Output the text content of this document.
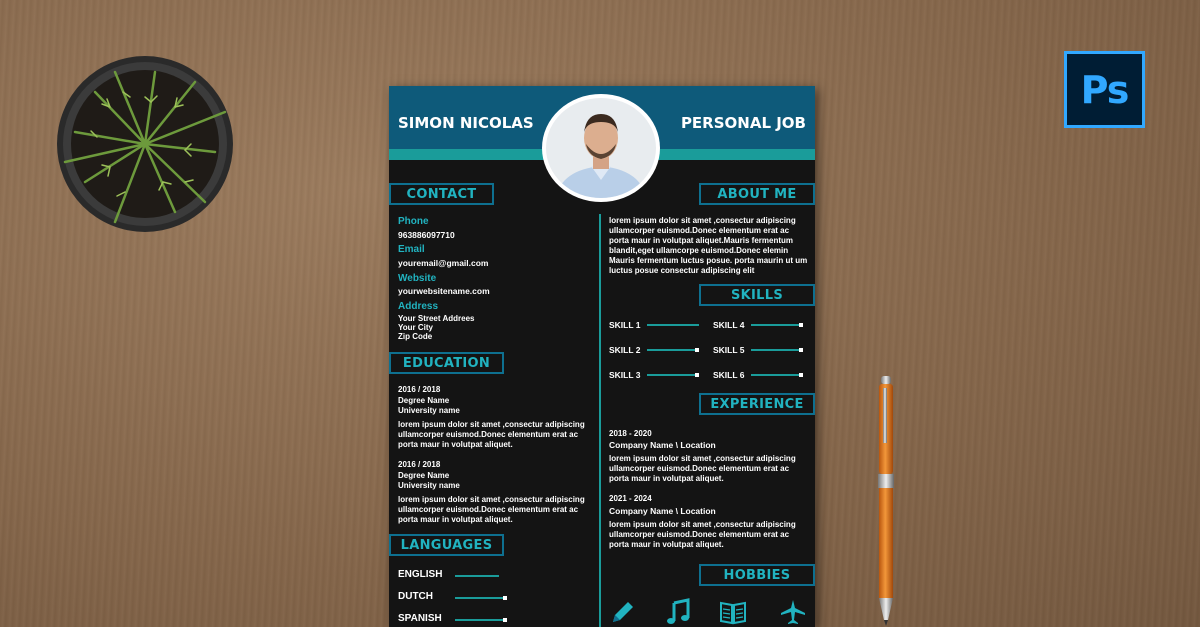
Ps
SIMON NICOLAS	PERSONAL JOB
CONTACT
Phone
963886097710
Email
youremail@gmail.com
Website
yourwebsitename.com
Address
Your Street Addrees
Your City
Zip Code
EDUCATION
2016 / 2018
Degree Name
University name
lorem ipsum dolor sit amet ,consectur adipiscing ullamcorper euismod.Donec elementum erat ac porta maur in volutpat aliquet.
2016 / 2018
Degree Name
University name
lorem ipsum dolor sit amet ,consectur adipiscing ullamcorper euismod.Donec elementum erat ac porta maur in volutpat aliquet.
LANGUAGES
ENGLISH
DUTCH
SPANISH
ABOUT ME
lorem ipsum dolor sit amet ,consectur adipiscing ullamcorper euismod.Donec elementum erat ac porta maur in volutpat aliquet.Mauris fermentum blandit,eget ullamcorpe euismod.Donec elemin Mauris fermentum luctus posue. porta maurin ut um luctus posue consectur adipiscing elit
SKILLS
SKILL 1	SKILL 4
SKILL 2	SKILL 5
SKILL 3	SKILL 6
EXPERIENCE
2018 - 2020
Company Name \ Location
lorem ipsum dolor sit amet ,consectur adipiscing ullamcorper euismod.Donec elementum erat ac porta maur in volutpat aliquet.
2021 - 2024
Company Name \ Location
lorem ipsum dolor sit amet ,consectur adipiscing ullamcorper euismod.Donec elementum erat ac porta maur in volutpat aliquet.
HOBBIES
